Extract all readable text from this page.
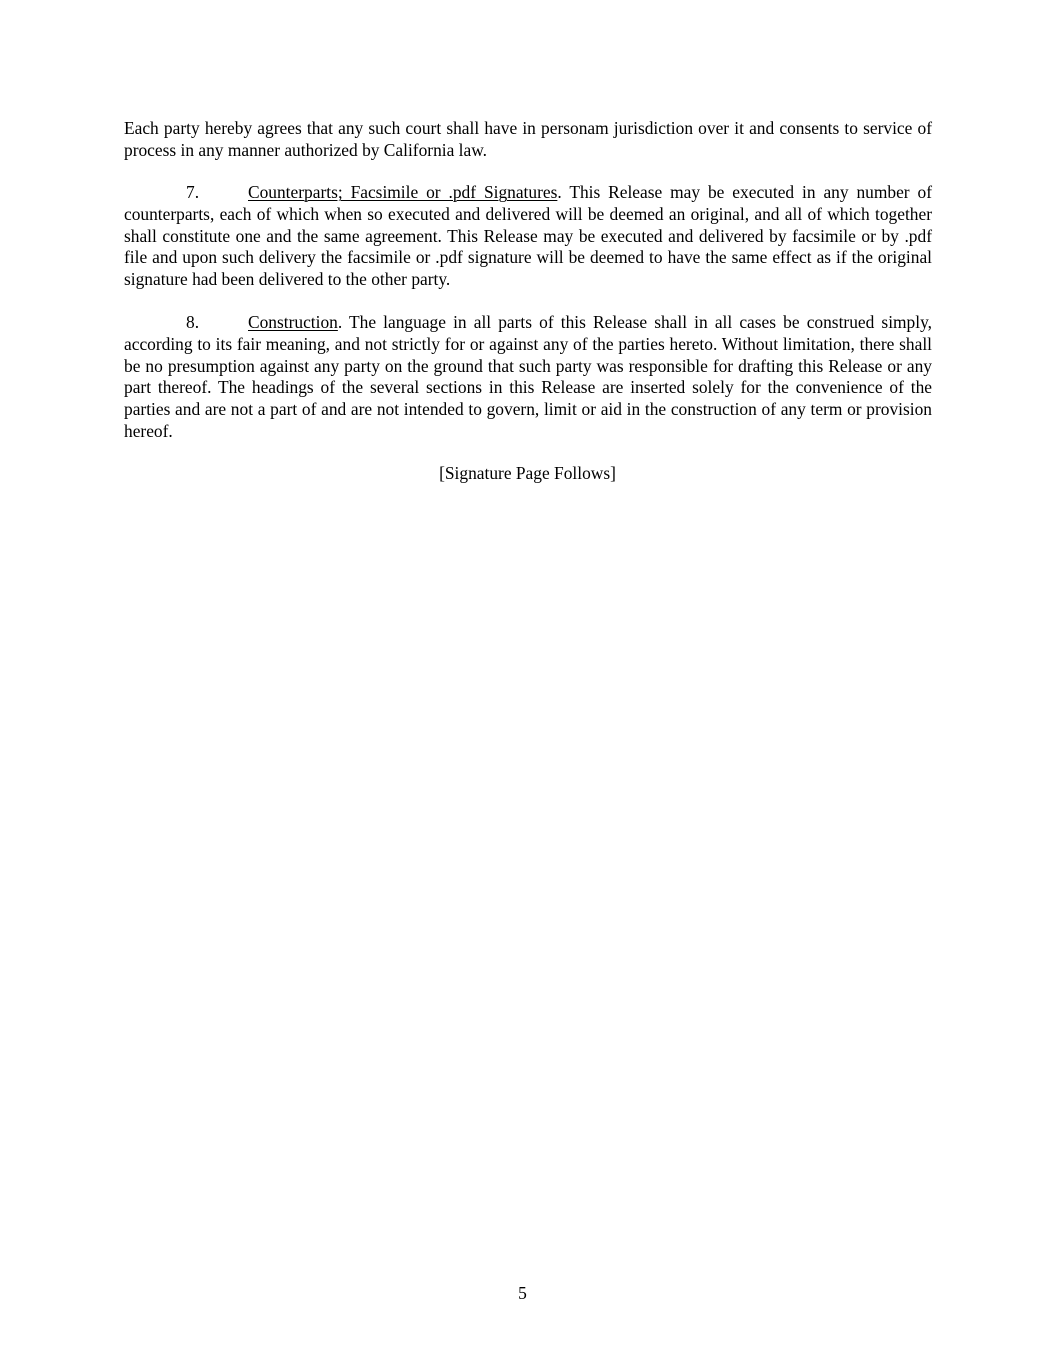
Each party hereby agrees that any such court shall have in personam jurisdiction over it and consents to service of process in any manner authorized by California law.

7.	Counterparts; Facsimile or .pdf Signatures. This Release may be executed in any number of counterparts, each of which when so executed and delivered will be deemed an original, and all of which together shall constitute one and the same agreement. This Release may be executed and delivered by facsimile or by .pdf file and upon such delivery the facsimile or .pdf signature will be deemed to have the same effect as if the original signature had been delivered to the other party.

8.	Construction. The language in all parts of this Release shall in all cases be construed simply, according to its fair meaning, and not strictly for or against any of the parties hereto. Without limitation, there shall be no presumption against any party on the ground that such party was responsible for drafting this Release or any part thereof. The headings of the several sections in this Release are inserted solely for the convenience of the parties and are not a part of and are not intended to govern, limit or aid in the construction of any term or provision hereof.

[Signature Page Follows]
5
